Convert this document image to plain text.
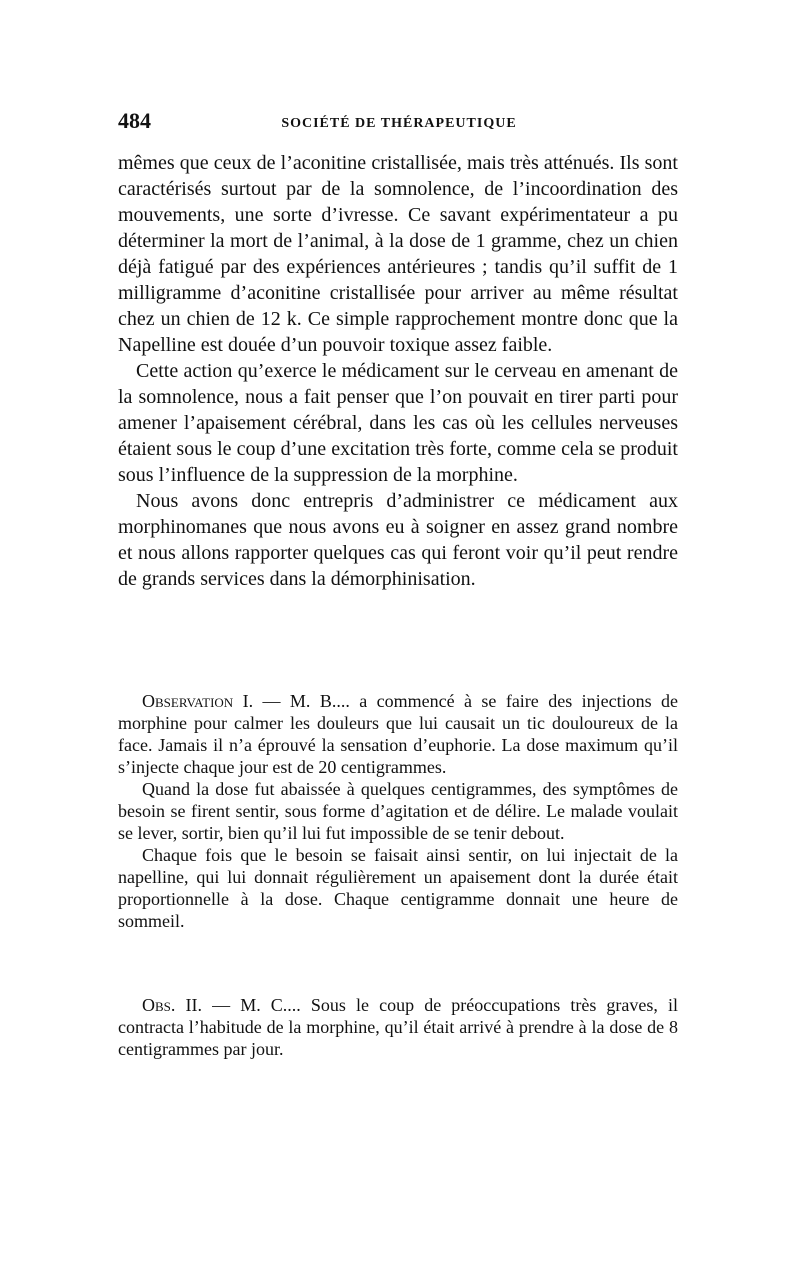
484	SOCIÉTÉ DE THÉRAPEUTIQUE

mêmes que ceux de l’aconitine cristallisée, mais très atténués. Ils sont caractérisés surtout par de la somnolence, de l’incoordination des mouvements, une sorte d’ivresse. Ce savant expérimentateur a pu déterminer la mort de l’animal, à la dose de 1 gramme, chez un chien déjà fatigué par des expériences antérieures ; tandis qu’il suffit de 1 milligramme d’aconitine cristallisée pour arriver au même résultat chez un chien de 12 k. Ce simple rapprochement montre donc que la Napelline est douée d’un pouvoir toxique assez faible.

Cette action qu’exerce le médicament sur le cerveau en amenant de la somnolence, nous a fait penser que l’on pouvait en tirer parti pour amener l’apaisement cérébral, dans les cas où les cellules nerveuses étaient sous le coup d’une excitation très forte, comme cela se produit sous l’influence de la suppression de la morphine.

Nous avons donc entrepris d’administrer ce médicament aux morphinomanes que nous avons eu à soigner en assez grand nombre et nous allons rapporter quelques cas qui feront voir qu’il peut rendre de grands services dans la démorphinisation.

Observation I. — M. B.... a commencé à se faire des injections de morphine pour calmer les douleurs que lui causait un tic douloureux de la face. Jamais il n’a éprouvé la sensation d’euphorie. La dose maximum qu’il s’injecte chaque jour est de 20 centigrammes.

Quand la dose fut abaissée à quelques centigrammes, des symptômes de besoin se firent sentir, sous forme d’agitation et de délire. Le malade voulait se lever, sortir, bien qu’il lui fut impossible de se tenir debout.

Chaque fois que le besoin se faisait ainsi sentir, on lui injectait de la napelline, qui lui donnait régulièrement un apaisement dont la durée était proportionnelle à la dose. Chaque centigramme donnait une heure de sommeil.

Obs. II. — M. C.... Sous le coup de préoccupations très graves, il contracta l’habitude de la morphine, qu’il était arrivé à prendre à la dose de 8 centigrammes par jour.
